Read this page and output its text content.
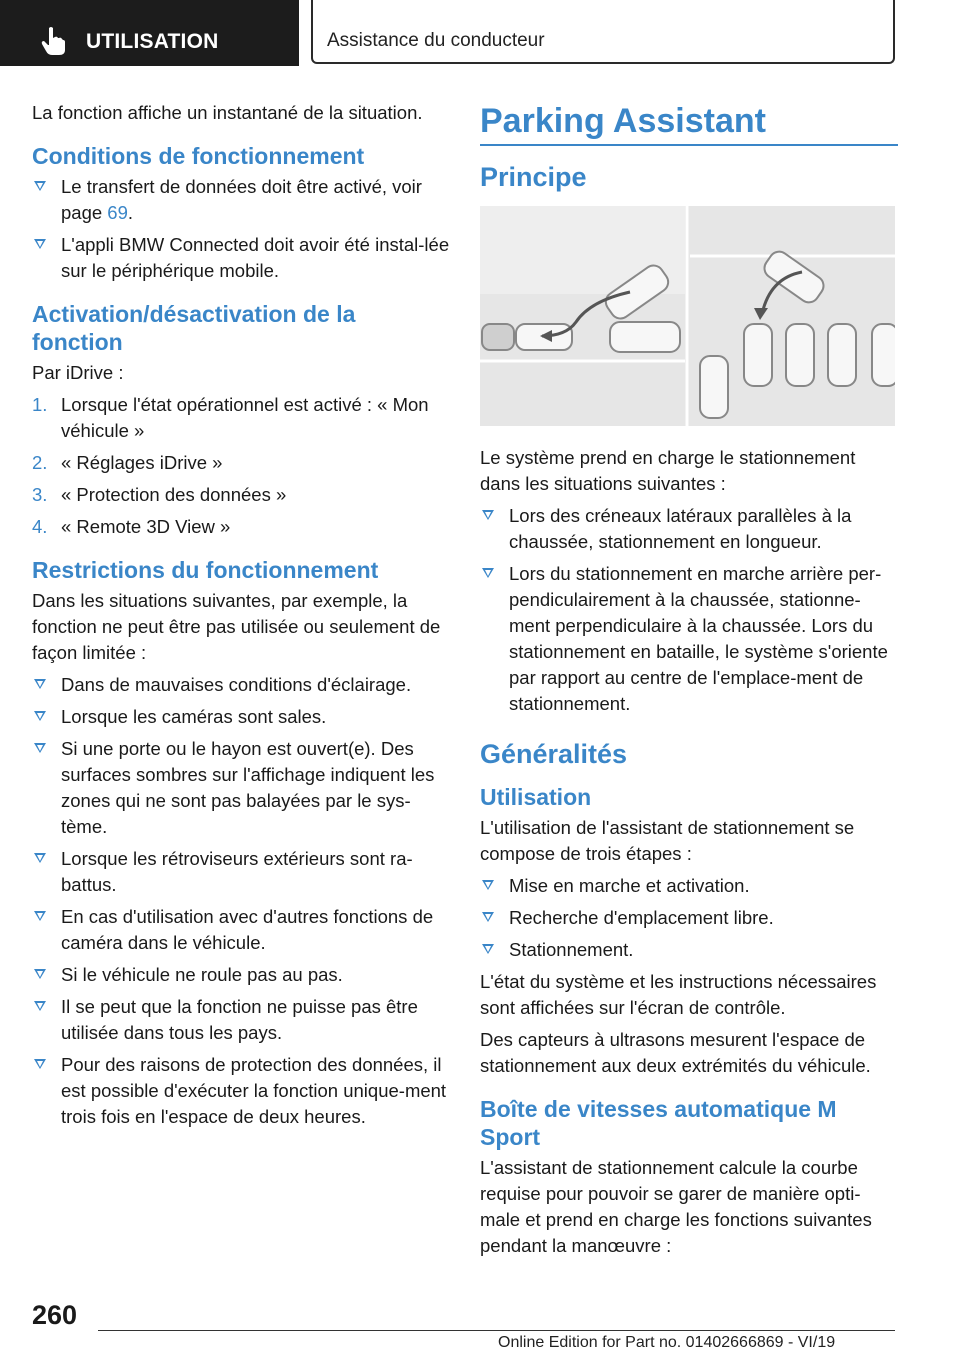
UTILISATION	Assistance du conducteur

La fonction affiche un instantané de la situation.

Conditions de fonctionnement
Le transfert de données doit être activé, voir page 69.
L'appli BMW Connected doit avoir été instal‐lée sur le périphérique mobile.
Activation/désactivation de la fonction

Par iDrive :

1. Lorsque l'état opérationnel est activé : « Mon véhicule »
2. « Réglages iDrive »
3. « Protection des données »
4. « Remote 3D View »
Restrictions du fonctionnement

Dans les situations suivantes, par exemple, la fonction ne peut être pas utilisée ou seulement de façon limitée :

Dans de mauvaises conditions d'éclairage.
Lorsque les caméras sont sales.
Si une porte ou le hayon est ouvert(e). Des surfaces sombres sur l'affichage indiquent les zones qui ne sont pas balayées par le sys‐tème.
Lorsque les rétroviseurs extérieurs sont ra‐battus.
En cas d'utilisation avec d'autres fonctions de caméra dans le véhicule.
Si le véhicule ne roule pas au pas.
Il se peut que la fonction ne puisse pas être utilisée dans tous les pays.
Pour des raisons de protection des données, il est possible d'exécuter la fonction unique‐ment trois fois en l'espace de deux heures.
Parking Assistant
Principe

Le système prend en charge le stationnement dans les situations suivantes :

Lors des créneaux latéraux parallèles à la chaussée, stationnement en longueur.
Lors du stationnement en marche arrière per‐pendiculairement à la chaussée, stationne‐ment perpendiculaire à la chaussée. Lors du stationnement en bataille, le système s'oriente par rapport au centre de l'emplace‐ment de stationnement.
Généralités
Utilisation

L'utilisation de l'assistant de stationnement se compose de trois étapes :

Mise en marche et activation.
Recherche d'emplacement libre.
Stationnement.

L'état du système et les instructions nécessaires sont affichées sur l'écran de contrôle.

Des capteurs à ultrasons mesurent l'espace de stationnement aux deux extrémités du véhicule.

Boîte de vitesses automatique M Sport

L'assistant de stationnement calcule la courbe requise pour pouvoir se garer de manière opti‐male et prend en charge les fonctions suivantes pendant la manœuvre :

260
Online Edition for Part no. 01402666869 - VI/19
